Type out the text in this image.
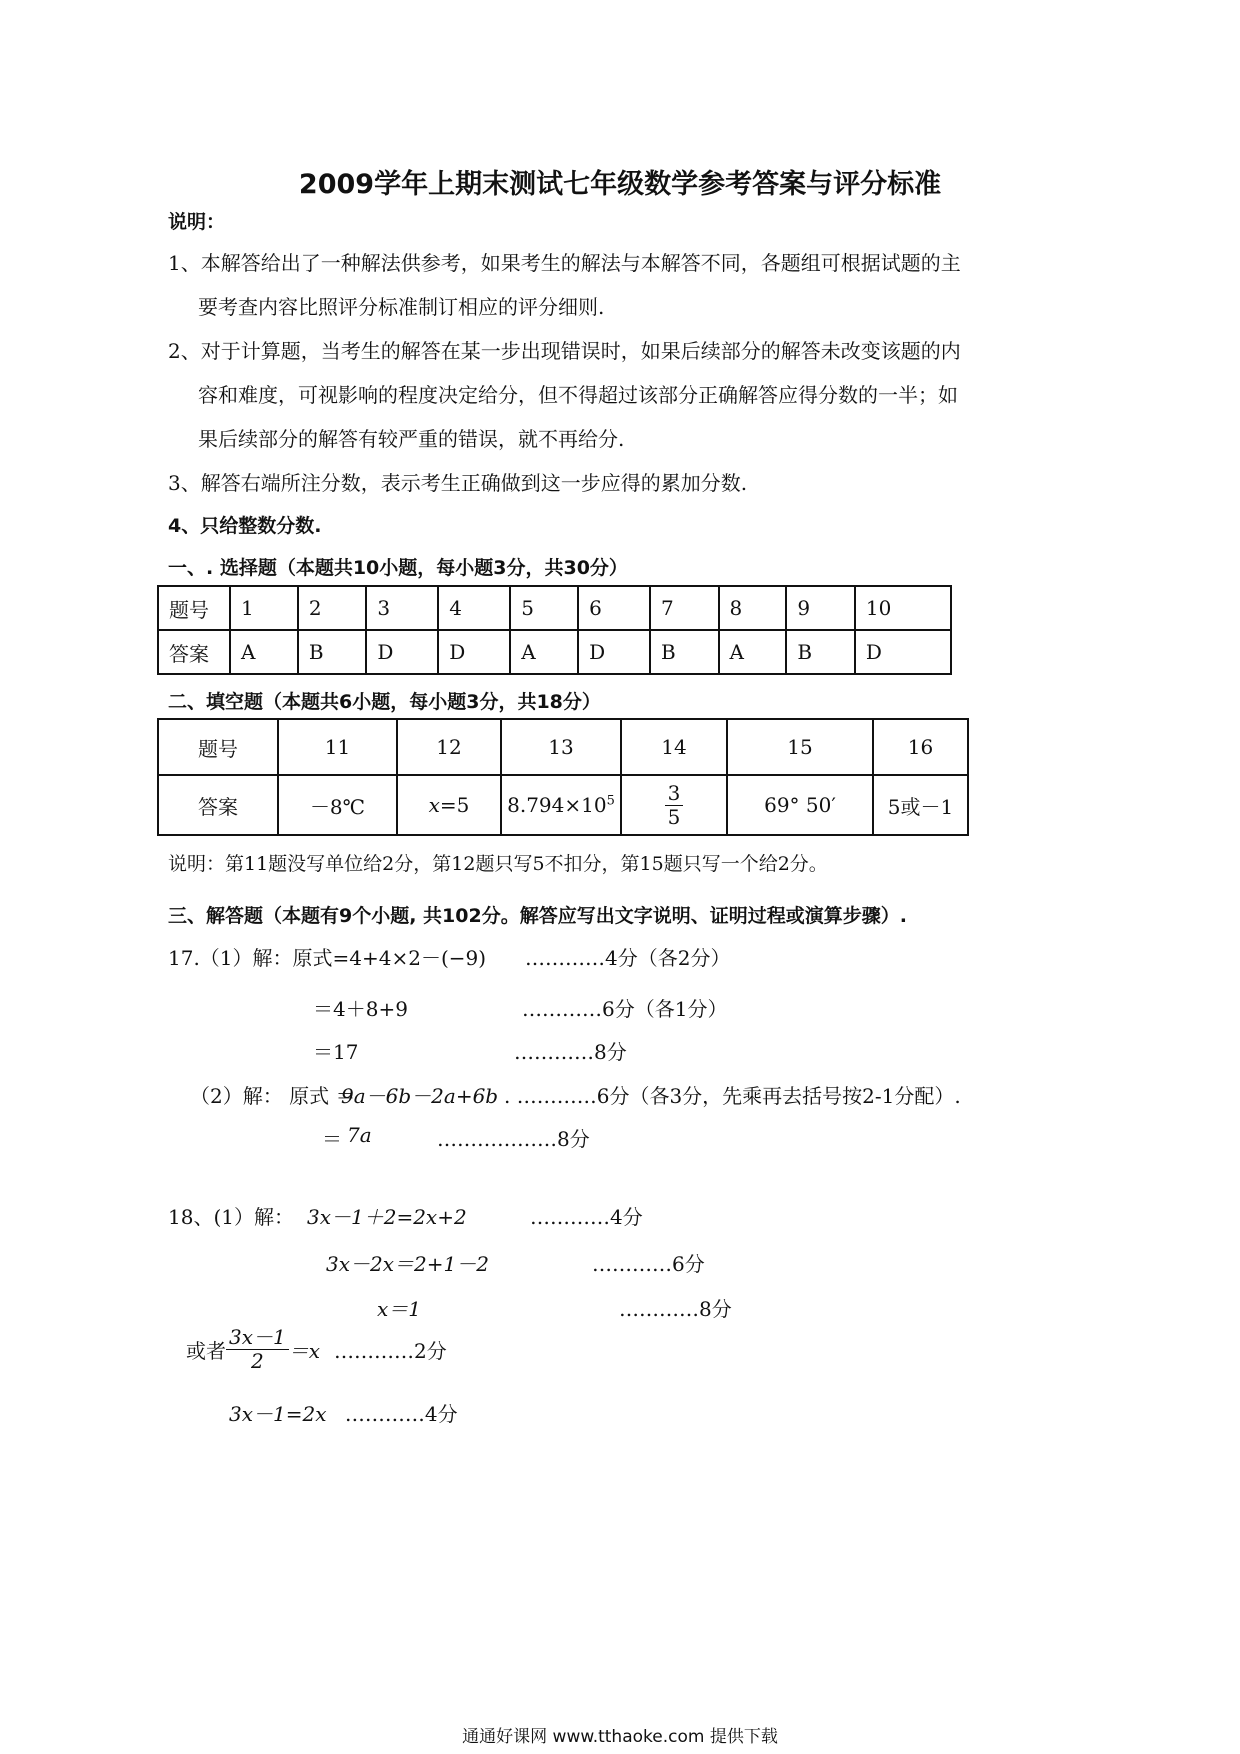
2009学年上期末测试七年级数学参考答案与评分标准
说明：
1、本解答给出了一种解法供参考，如果考生的解法与本解答不同，各题组可根据试题的主
要考查内容比照评分标准制订相应的评分细则.
2、对于计算题，当考生的解答在某一步出现错误时，如果后续部分的解答未改变该题的内
容和难度，可视影响的程度决定给分，但不得超过该部分正确解答应得分数的一半；如
果后续部分的解答有较严重的错误，就不再给分.
3、解答右端所注分数，表示考生正确做到这一步应得的累加分数.
4、只给整数分数.
一、. 选择题（本题共10小题，每小题3分，共30分）
题号	1	2	3	4	5	6	7	8	9	10
答案	A	B	D	D	A	D	B	A	B	D
二、填空题（本题共6小题，每小题3分，共18分）
题号	11	12	13	14	15	16
答案	－8℃	x=5	$8.794\times 10^5$	$\frac{3}{5}$	69° 50′	5或－1
说明：第11题没写单位给2分，第12题只写5不扣分，第15题只写一个给2分。
三、解答题（本题有9个小题, 共102分。解答应写出文字说明、证明过程或演算步骤）.
17.（1）解：原式=4+4×2－(−9) …………4分（各2分）
＝4＋8+9	…………6分（各1分）
＝17	…………8分
（2）解： 原式 ＝
9a－6b－2a+6b . …………6分（各3分，先乘再去括号按2-1分配）.
＝ 7a	………………8分
18、(1）解： 3x－1＋2=2x+2	…………4分
3x－2x＝2+1－2	…………6分
x＝1	…………8分
或者 $\frac{3x-1}{2} =x$ …………2分
3x－1=2x …………4分
通通好课网 www.tthaoke.com 提供下载
